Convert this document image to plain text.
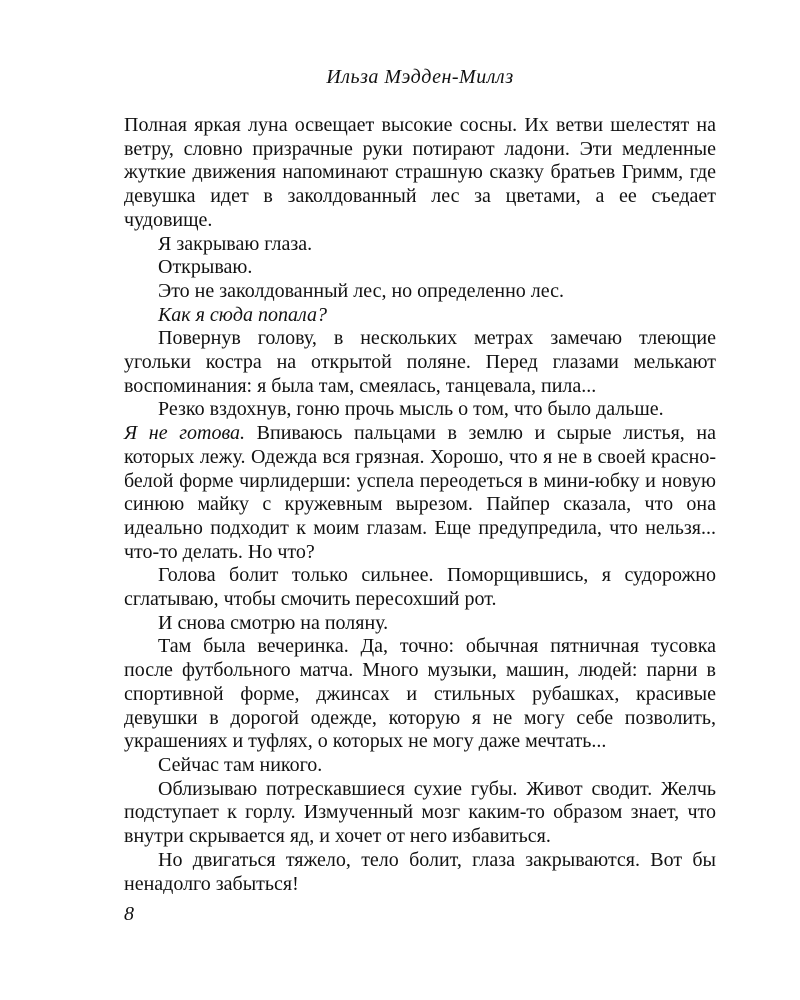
Ильза Мэдден-Миллз

Полная яркая луна освещает высокие сосны. Их ветви шелестят на ветру, словно призрачные руки потирают ладони. Эти медленные жуткие движения напоминают страшную сказку братьев Гримм, где девушка идет в заколдованный лес за цветами, а ее съедает чудовище.

Я закрываю глаза.

Открываю.

Это не заколдованный лес, но определенно лес.

Как я сюда попала?

Повернув голову, в нескольких метрах замечаю тлеющие угольки костра на открытой поляне. Перед глазами мелькают воспоминания: я была там, смеялась, танцевала, пила...

Резко вздохнув, гоню прочь мысль о том, что было дальше.

Я не готова. Впиваюсь пальцами в землю и сырые листья, на которых лежу. Одежда вся грязная. Хорошо, что я не в своей красно-белой форме чирлидерши: успела переодеться в мини-юбку и новую синюю майку с кружевным вырезом. Пайпер сказала, что она идеально подходит к моим глазам. Еще предупредила, что нельзя... что-то делать. Но что?

Голова болит только сильнее. Поморщившись, я судорожно сглатываю, чтобы смочить пересохший рот.

И снова смотрю на поляну.

Там была вечеринка. Да, точно: обычная пятничная тусовка после футбольного матча. Много музыки, машин, людей: парни в спортивной форме, джинсах и стильных рубашках, красивые девушки в дорогой одежде, которую я не могу себе позволить, украшениях и туфлях, о которых не могу даже мечтать...

Сейчас там никого.

Облизываю потрескавшиеся сухие губы. Живот сводит. Желчь подступает к горлу. Измученный мозг каким-то образом знает, что внутри скрывается яд, и хочет от него избавиться.

Но двигаться тяжело, тело болит, глаза закрываются. Вот бы ненадолго забыться!

8
